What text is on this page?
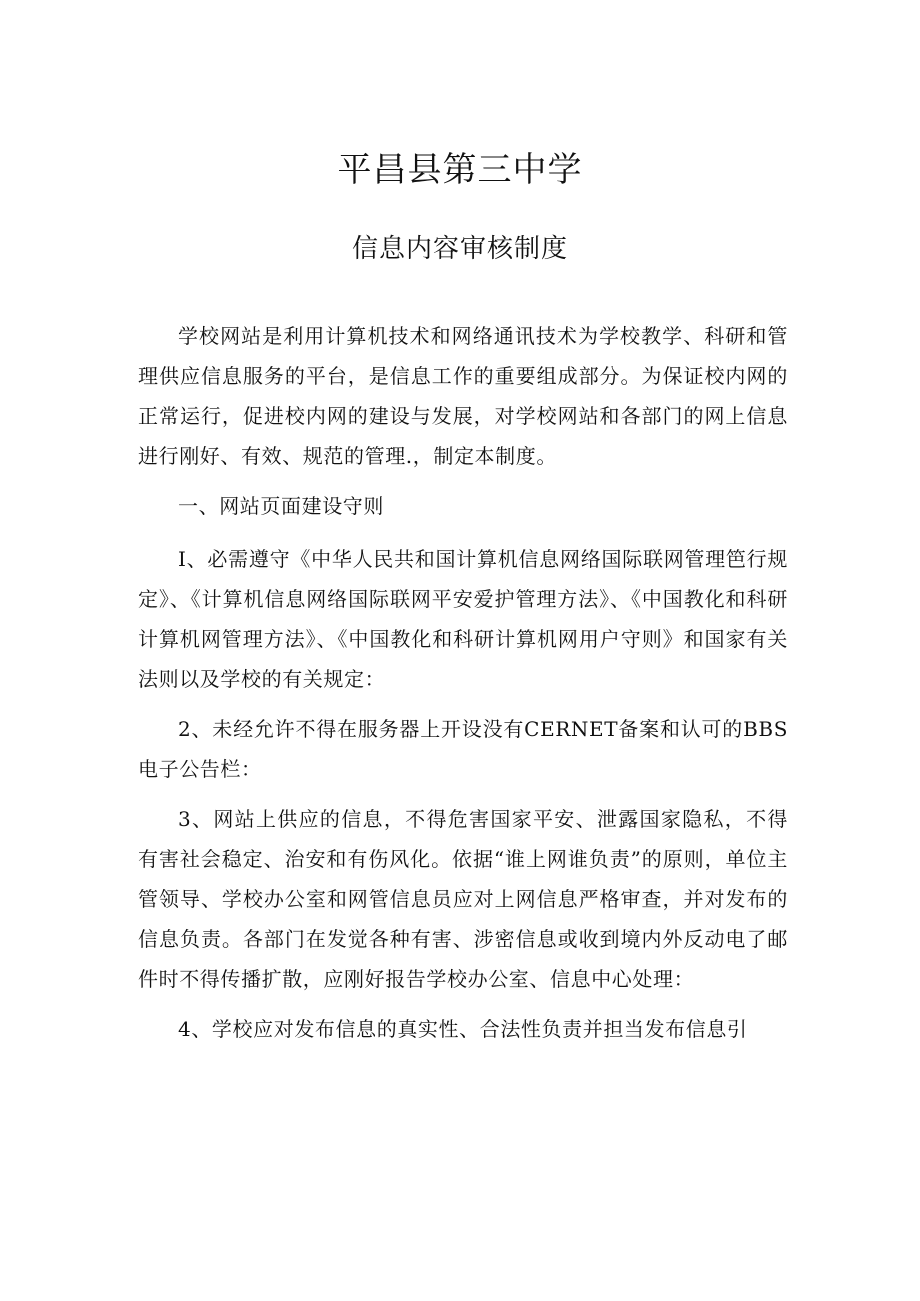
平昌县第三中学
信息内容审核制度

学校网站是利用计算机技术和网络通讯技术为学校教学、科研和管理供应信息服务的平台，是信息工作的重要组成部分。为保证校内网的正常运行，促进校内网的建设与发展，对学校网站和各部门的网上信息进行刚好、有效、规范的管理.，制定本制度。

一、网站页面建设守则

I、必需遵守《中华人民共和国计算机信息网络国际联网管理笆行规定》、《计算机信息网络国际联网平安爱护管理方法》、《中国教化和科研计算机网管理方法》、《中国教化和科研计算机网用户守则》和国家有关法则以及学校的有关规定：

2、未经允许不得在服务器上开设没有CERNET备案和认可的BBS电子公告栏：

3、网站上供应的信息，不得危害国家平安、泄露国家隐私，不得有害社会稳定、治安和有伤风化。依据“谁上网谁负责”的原则，单位主管领导、学校办公室和网管信息员应对上网信息严格审查，并对发布的信息负责。各部门在发觉各种有害、涉密信息或收到境内外反动电了邮件时不得传播扩散，应刚好报告学校办公室、信息中心处理：

4、学校应对发布信息的真实性、合法性负责并担当发布信息引
